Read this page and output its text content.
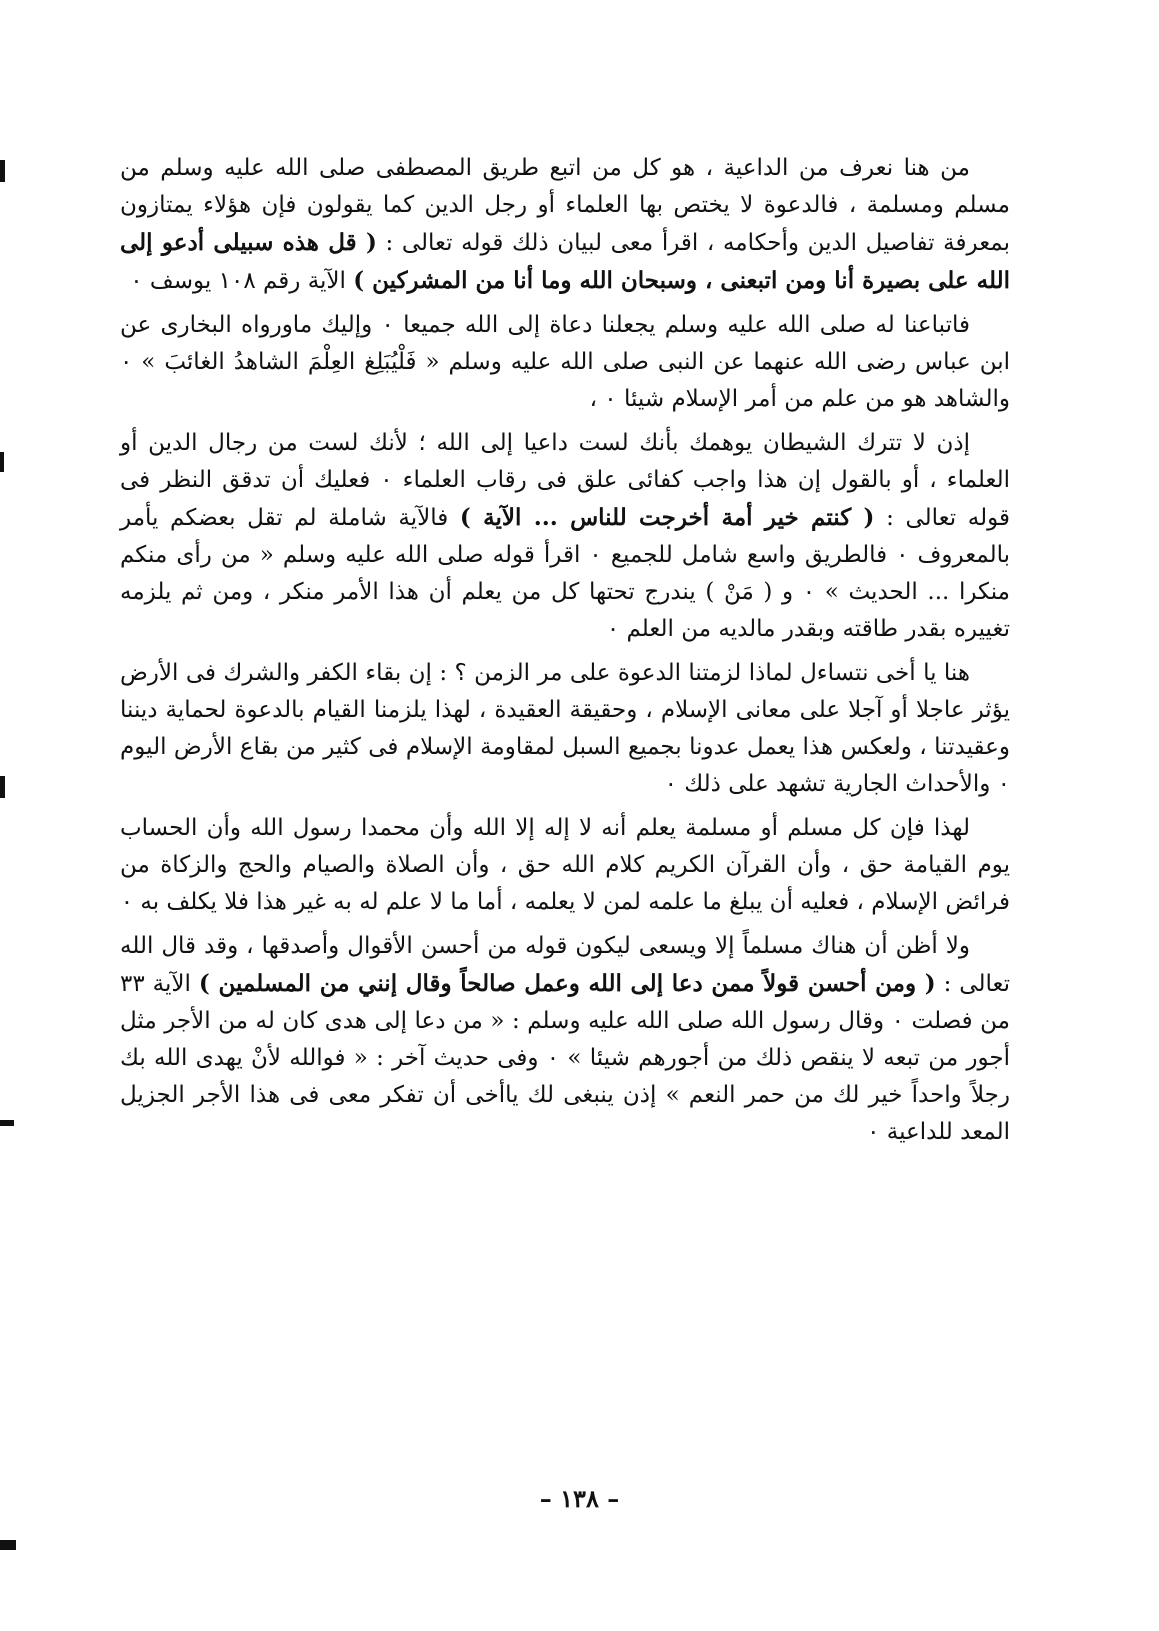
من هنا نعرف من الداعية ، هو كل من اتبع طريق المصطفى صلى الله عليه وسلم من مسلم ومسلمة ، فالدعوة لا يختص بها العلماء أو رجل الدين كما يقولون فإن هؤلاء يمتازون بمعرفة تفاصيل الدين وأحكامه ، اقرأ معى لبيان ذلك قوله تعالى : ( قل هذه سبيلى أدعو إلى الله على بصيرة أنا ومن اتبعنى ، وسبحان الله وما أنا من المشركين ) الآية رقم ١٠٨ يوسف ٠

فاتباعنا له صلى الله عليه وسلم يجعلنا دعاة إلى الله جميعا ٠ وإليك ماورواه البخارى عن ابن عباس رضى الله عنهما عن النبى صلى الله عليه وسلم « فَلْيُبَلِغ العِلْمَ الشاهدُ الغائبَ » ٠ والشاهد هو من علم من أمر الإسلام شيئا ٠ ،

إذن لا تترك الشيطان يوهمك بأنك لست داعيا إلى الله ؛ لأنك لست من رجال الدين أو العلماء ، أو بالقول إن هذا واجب كفائى علق فى رقاب العلماء ٠ فعليك أن تدقق النظر فى قوله تعالى : ( كنتم خير أمة أخرجت للناس ... الآية ) فالآية شاملة لم تقل بعضكم يأمر بالمعروف ٠ فالطريق واسع شامل للجميع ٠ اقرأ قوله صلى الله عليه وسلم « من رأى منكم منكرا ... الحديث » ٠ و ( مَنْ ) يندرج تحتها كل من يعلم أن هذا الأمر منكر ، ومن ثم يلزمه تغييره بقدر طاقته وبقدر مالديه من العلم ٠

هنا يا أخى نتساءل لماذا لزمتنا الدعوة على مر الزمن ؟ : إن بقاء الكفر والشرك فى الأرض يؤثر عاجلا أو آجلا على معانى الإسلام ، وحقيقة العقيدة ، لهذا يلزمنا القيام بالدعوة لحماية ديننا وعقيدتنا ، ولعكس هذا يعمل عدونا بجميع السبل لمقاومة الإسلام فى كثير من بقاع الأرض اليوم ٠ والأحداث الجارية تشهد على ذلك ٠

لهذا فإن كل مسلم أو مسلمة يعلم أنه لا إله إلا الله وأن محمدا رسول الله وأن الحساب يوم القيامة حق ، وأن القرآن الكريم كلام الله حق ، وأن الصلاة والصيام والحج والزكاة من فرائض الإسلام ، فعليه أن يبلغ ما علمه لمن لا يعلمه ، أما ما لا علم له به غير هذا فلا يكلف به ٠

ولا أظن أن هناك مسلماً إلا ويسعى ليكون قوله من أحسن الأقوال وأصدقها ، وقد قال الله تعالى : ( ومن أحسن قولاً ممن دعا إلى الله وعمل صالحاً وقال إنني من المسلمين ) الآية ٣٣ من فصلت ٠ وقال رسول الله صلى الله عليه وسلم : « من دعا إلى هدى كان له من الأجر مثل أجور من تبعه لا ينقص ذلك من أجورهم شيئا » ٠ وفى حديث آخر : « فوالله لأنْ يهدى الله بك رجلاً واحداً خير لك من حمر النعم » إذن ينبغى لك ياأخى أن تفكر معى فى هذا الأجر الجزيل المعد للداعية ٠

– ١٣٨ –
